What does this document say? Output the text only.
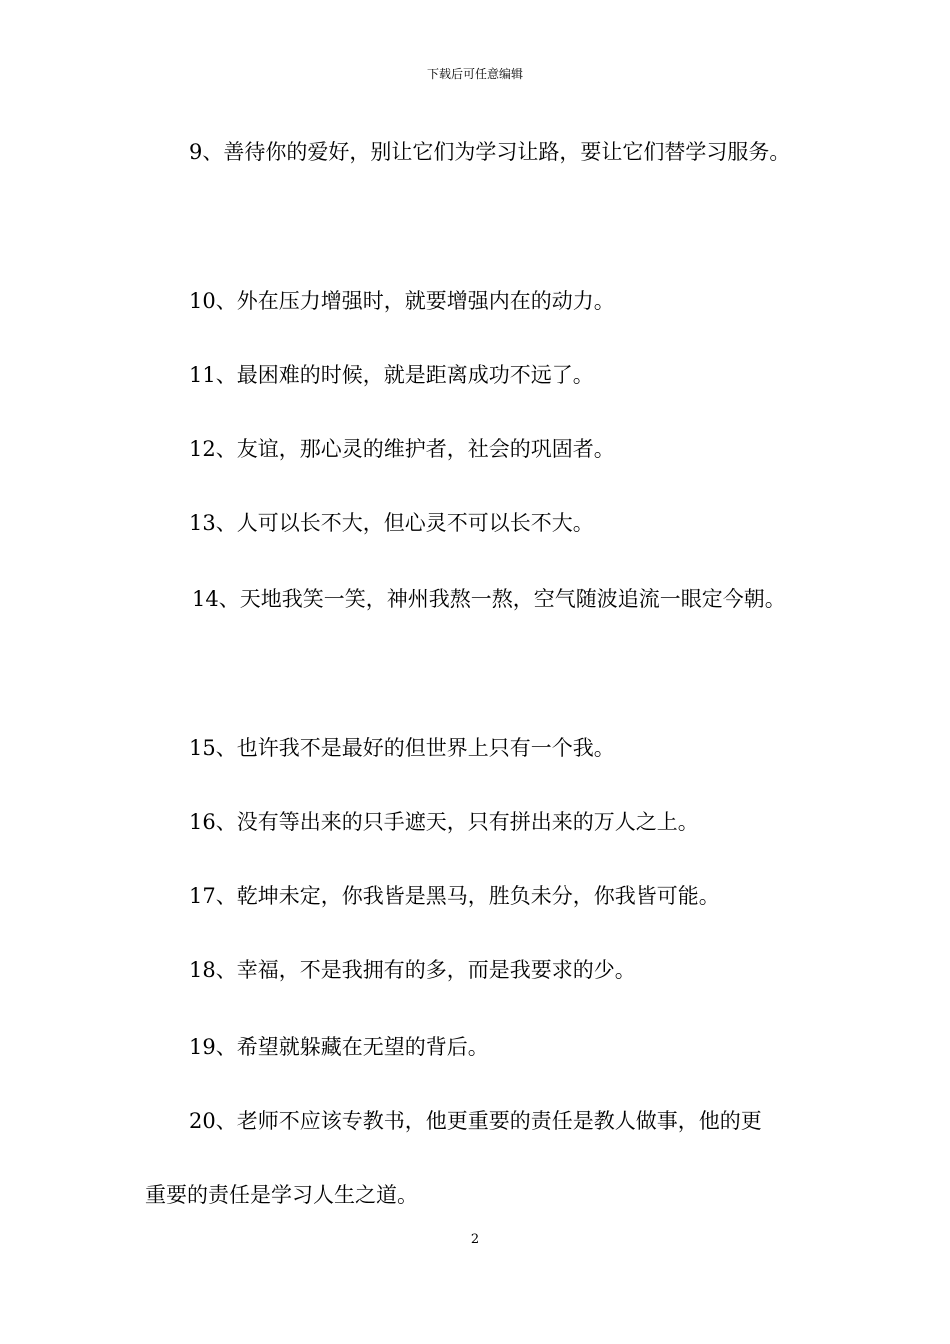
下载后可任意编辑
9、善待你的爱好，别让它们为学习让路，要让它们替学习服务。
10、外在压力增强时，就要增强内在的动力。
11、最困难的时候，就是距离成功不远了。
12、友谊，那心灵的维护者，社会的巩固者。
13、人可以长不大，但心灵不可以长不大。
14、天地我笑一笑，神州我熬一熬，空气随波追流一眼定今朝。
15、也许我不是最好的但世界上只有一个我。
16、没有等出来的只手遮天，只有拼出来的万人之上。
17、乾坤未定，你我皆是黑马，胜负未分，你我皆可能。
18、幸福，不是我拥有的多，而是我要求的少。
19、希望就躲藏在无望的背后。
20、老师不应该专教书，他更重要的责任是教人做事，他的更
重要的责任是学习人生之道。
2
